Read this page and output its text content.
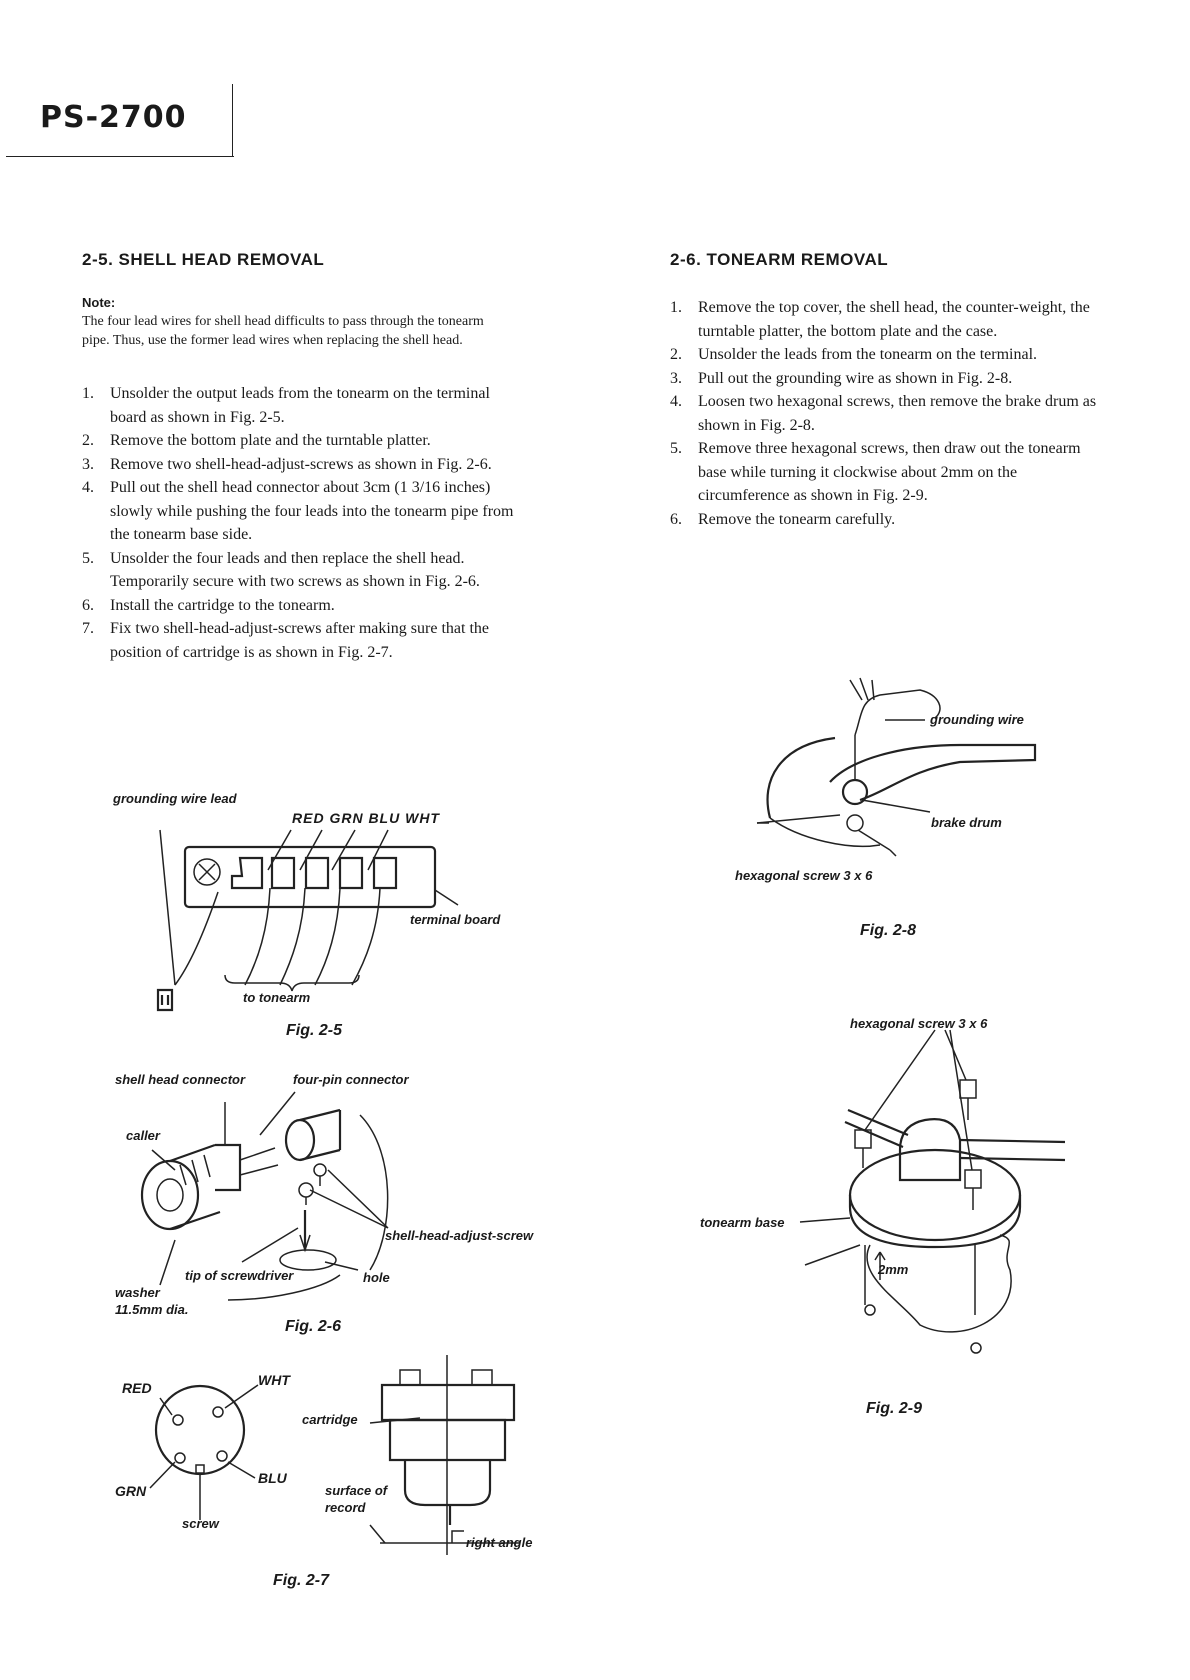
PS-2700
2-5. SHELL HEAD REMOVAL
Note:
The four lead wires for shell head difficults to pass through the tonearm pipe. Thus, use the former lead wires when replacing the shell head.
1. Unsolder the output leads from the tonearm on the terminal board as shown in Fig. 2-5.
2. Remove the bottom plate and the turntable platter.
3. Remove two shell-head-adjust-screws as shown in Fig. 2-6.
4. Pull out the shell head connector about 3cm (1 3/16 inches) slowly while pushing the four leads into the tonearm pipe from the tonearm base side.
5. Unsolder the four leads and then replace the shell head. Temporarily secure with two screws as shown in Fig. 2-6.
6. Install the cartridge to the tonearm.
7. Fix two shell-head-adjust-screws after making sure that the position of cartridge is as shown in Fig. 2-7.
2-6. TONEARM REMOVAL
1. Remove the top cover, the shell head, the counter-weight, the turntable platter, the bottom plate and the case.
2. Unsolder the leads from the tonearm on the terminal.
3. Pull out the grounding wire as shown in Fig. 2-8.
4. Loosen two hexagonal screws, then remove the brake drum as shown in Fig. 2-8.
5. Remove three hexagonal screws, then draw out the tonearm base while turning it clockwise about 2mm on the circumference as shown in Fig. 2-9.
6. Remove the tonearm carefully.
grounding wire lead
RED GRN BLU WHT
terminal board
to tonearm
Fig. 2-5
shell head connector	four-pin connector
caller
shell-head-adjust-screw
tip of screwdriver	hole
washer
11.5mm dia.
Fig. 2-6
RED	WHT
GRN
BLU
screw
cartridge
surface of record
right angle
Fig. 2-7
grounding wire
brake drum
hexagonal screw 3 x 6
Fig. 2-8
hexagonal screw 3 x 6
tonearm base
2mm
Fig. 2-9
